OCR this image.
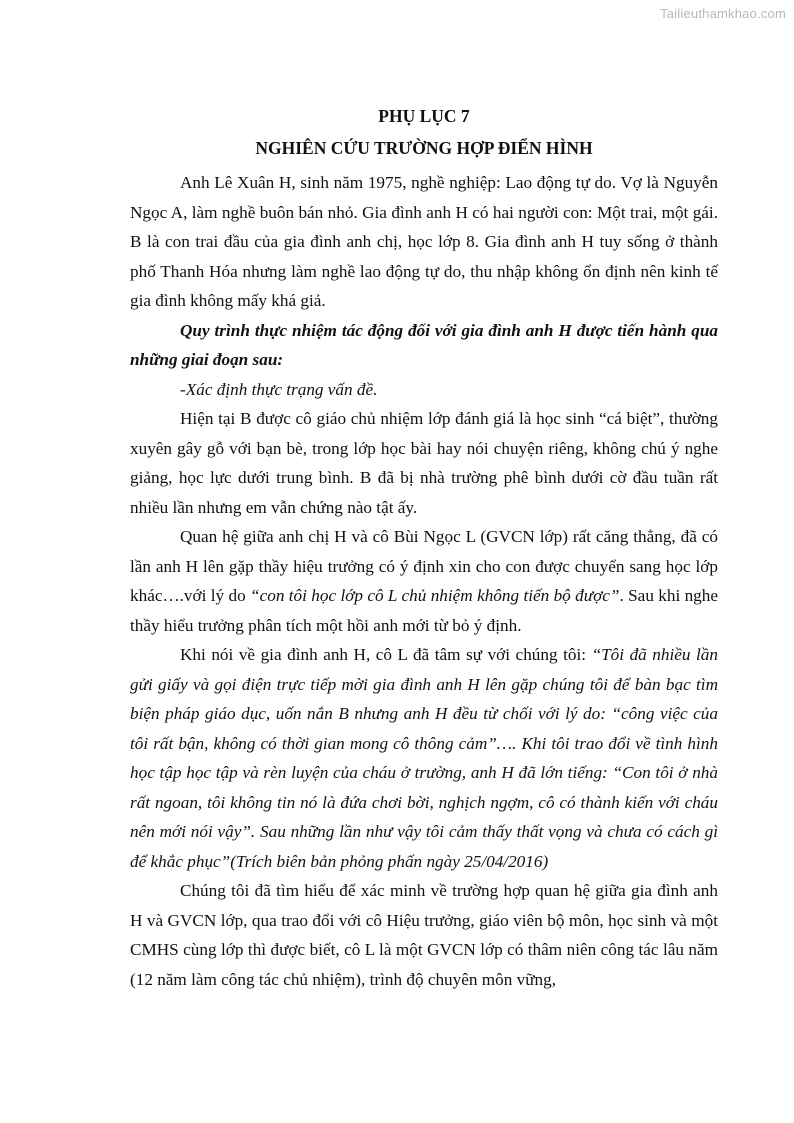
Tailieuthamkhao.com
PHỤ LỤC 7
NGHIÊN CỨU TRƯỜNG HỢP ĐIỂN HÌNH

Anh Lê Xuân H, sinh năm 1975, nghề nghiệp: Lao động tự do. Vợ là Nguyễn Ngọc A, làm nghề buôn bán nhỏ. Gia đình anh H có hai người con: Một trai, một gái. B là con trai đầu của gia đình anh chị, học lớp 8. Gia đình anh H tuy sống ở thành phố Thanh Hóa nhưng làm nghề lao động tự do, thu nhập không ổn định nên kinh tế gia đình không mấy khá giả.

Quy trình thực nhiệm tác động đối với gia đình anh H được tiến hành qua những giai đoạn sau:

-Xác định thực trạng vấn đề.

Hiện tại B được cô giáo chủ nhiệm lớp đánh giá là học sinh “cá biệt”, thường xuyên gây gỗ với bạn bè, trong lớp học bài hay nói chuyện riêng, không chú ý nghe giảng, học lực dưới trung bình. B đã bị nhà trường phê bình dưới cờ đầu tuần rất nhiều lần nhưng em vẫn chứng nào tật ấy.

Quan hệ giữa anh chị H và cô Bùi Ngọc L (GVCN lớp) rất căng thẳng, đã có lần anh H lên gặp thầy hiệu trưởng có ý định xin cho con được chuyển sang học lớp khác….với lý do “con tôi học lớp cô L chủ nhiệm không tiến bộ được”. Sau khi nghe thầy hiểu trưởng phân tích một hồi anh mới từ bỏ ý định.

Khi nói về gia đình anh H, cô L đã tâm sự với chúng tôi: “Tôi đã nhiều lần gửi giấy và gọi điện trực tiếp mời gia đình anh H lên gặp chúng tôi để bàn bạc tìm biện pháp giáo dục, uốn nắn B nhưng anh H đều từ chối với lý do: “công việc của tôi rất bận, không có thời gian mong cô thông cảm”…. Khi tôi trao đổi về tình hình học tập học tập và rèn luyện của cháu ở trường, anh H đã lớn tiếng: “Con tôi ở nhà rất ngoan, tôi không tin nó là đứa chơi bời, nghịch ngợm, cô có thành kiến với cháu nên mới nói vậy”. Sau những lần như vậy tôi cảm thấy thất vọng và chưa có cách gì để khắc phục”(Trích biên bản phỏng phấn ngày 25/04/2016)

Chúng tôi đã tìm hiểu để xác minh về trường hợp quan hệ giữa gia đình anh H và GVCN lớp, qua trao đổi với cô Hiệu trưởng, giáo viên bộ môn, học sinh và một CMHS cùng lớp thì được biết, cô L là một GVCN lớp có thâm niên công tác lâu năm (12 năm làm công tác chủ nhiệm), trình độ chuyên môn vững,
